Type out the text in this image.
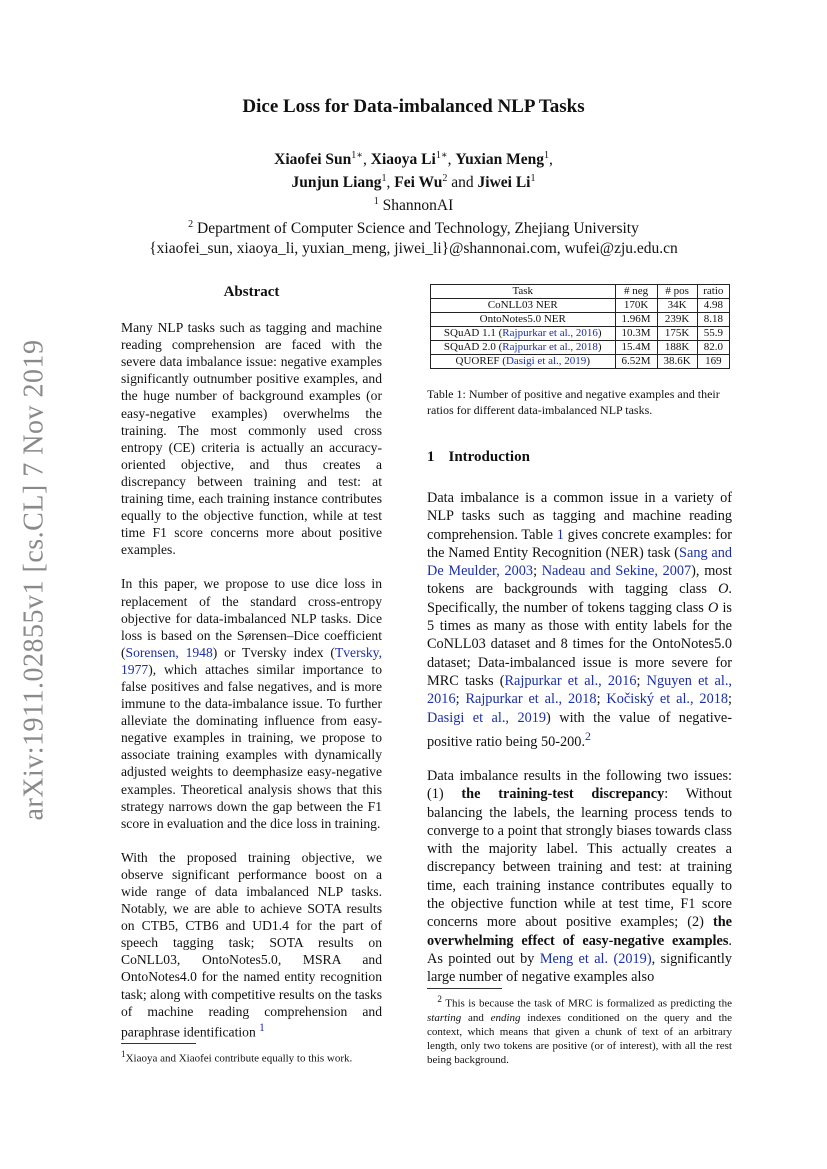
arXiv:1911.02855v1 [cs.CL] 7 Nov 2019
Dice Loss for Data-imbalanced NLP Tasks
Xiaofei Sun$^{1∗}$, Xiaoya $Li^{1∗}$, Yuxian Meng$^1$,
Junjun Liang$^1$, Fei Wu$^2$ and Jiwei Li$^1$
$^1$ ShannonAI
$^2$ Department of Computer Science and Technology, Zhejiang University
{xiaofei_sun, xiaoya_li, yuxian_meng, jiwei_li}@shannonai.com, wufei@zju.edu.cn
Abstract
Many NLP tasks such as tagging and machine reading comprehension are faced with the severe data imbalance issue: negative examples significantly outnumber positive examples, and the huge number of background examples (or easy-negative examples) overwhelms the training. The most commonly used cross entropy (CE) criteria is actually an accuracy-oriented objective, and thus creates a discrepancy between training and test: at training time, each training instance contributes equally to the objective function, while at test time F1 score concerns more about positive examples.
In this paper, we propose to use dice loss in replacement of the standard cross-entropy objective for data-imbalanced NLP tasks. Dice loss is based on the Sørensen–Dice coefficient (Sorensen, 1948) or Tversky index (Tversky, 1977), which attaches similar importance to false positives and false negatives, and is more immune to the data-imbalance issue. To further alleviate the dominating influence from easy-negative examples in training, we propose to associate training examples with dynamically adjusted weights to deemphasize easy-negative examples. Theoretical analysis shows that this strategy narrows down the gap between the F1 score in evaluation and the dice loss in training.
With the proposed training objective, we observe significant performance boost on a wide range of data imbalanced NLP tasks. Notably, we are able to achieve SOTA results on CTB5, CTB6 and UD1.4 for the part of speech tagging task; SOTA results on CoNLL03, OntoNotes5.0, MSRA and OntoNotes4.0 for the named entity recognition task; along with competitive results on the tasks of machine reading comprehension and paraphrase identification $^1$
Task	# neg	# pos	ratio
CoNLL03 NER	170K	34K	4.98
OntoNotes5.0 NER	1.96M	239K	8.18
SQuAD 1.1 (Rajpurkar et al., 2016)	10.3M	175K	55.9
SQuAD 2.0 (Rajpurkar et al., 2018)	15.4M	188K	82.0
QUOREF (Dasigi et al., 2019)	6.52M	38.6K	169
Table 1: Number of positive and negative examples and their ratios for different data-imbalanced NLP tasks.
1 Introduction
Data imbalance is a common issue in a variety of NLP tasks such as tagging and machine reading comprehension. Table 1 gives concrete examples: for the Named Entity Recognition (NER) task (Sang and De Meulder, 2003; Nadeau and Sekine, 2007), most tokens are backgrounds with tagging class O. Specifically, the number of tokens tagging class O is 5 times as many as those with entity labels for the CoNLL03 dataset and 8 times for the OntoNotes5.0 dataset; Data-imbalanced issue is more severe for MRC tasks (Rajpurkar et al., 2016; Nguyen et al., 2016; Rajpurkar et al., 2018; Kočiský et al., 2018; Dasigi et al., 2019) with the value of negative-positive ratio being 50-200.$^2$
Data imbalance results in the following two issues: (1) the training-test discrepancy: Without balancing the labels, the learning process tends to converge to a point that strongly biases towards class with the majority label. This actually creates a discrepancy between training and test: at training time, each training instance contributes equally to the objective function while at test time, F1 score concerns more about positive examples; (2) the overwhelming effect of easy-negative examples. As pointed out by Meng et al. (2019), significantly large number of negative examples also
$^1$Xiaoya and Xiaofei contribute equally to this work.
$^2$ This is because the task of MRC is formalized as predicting the starting and ending indexes conditioned on the query and the context, which means that given a chunk of text of an arbitrary length, only two tokens are positive (or of interest), with all the rest being background.
